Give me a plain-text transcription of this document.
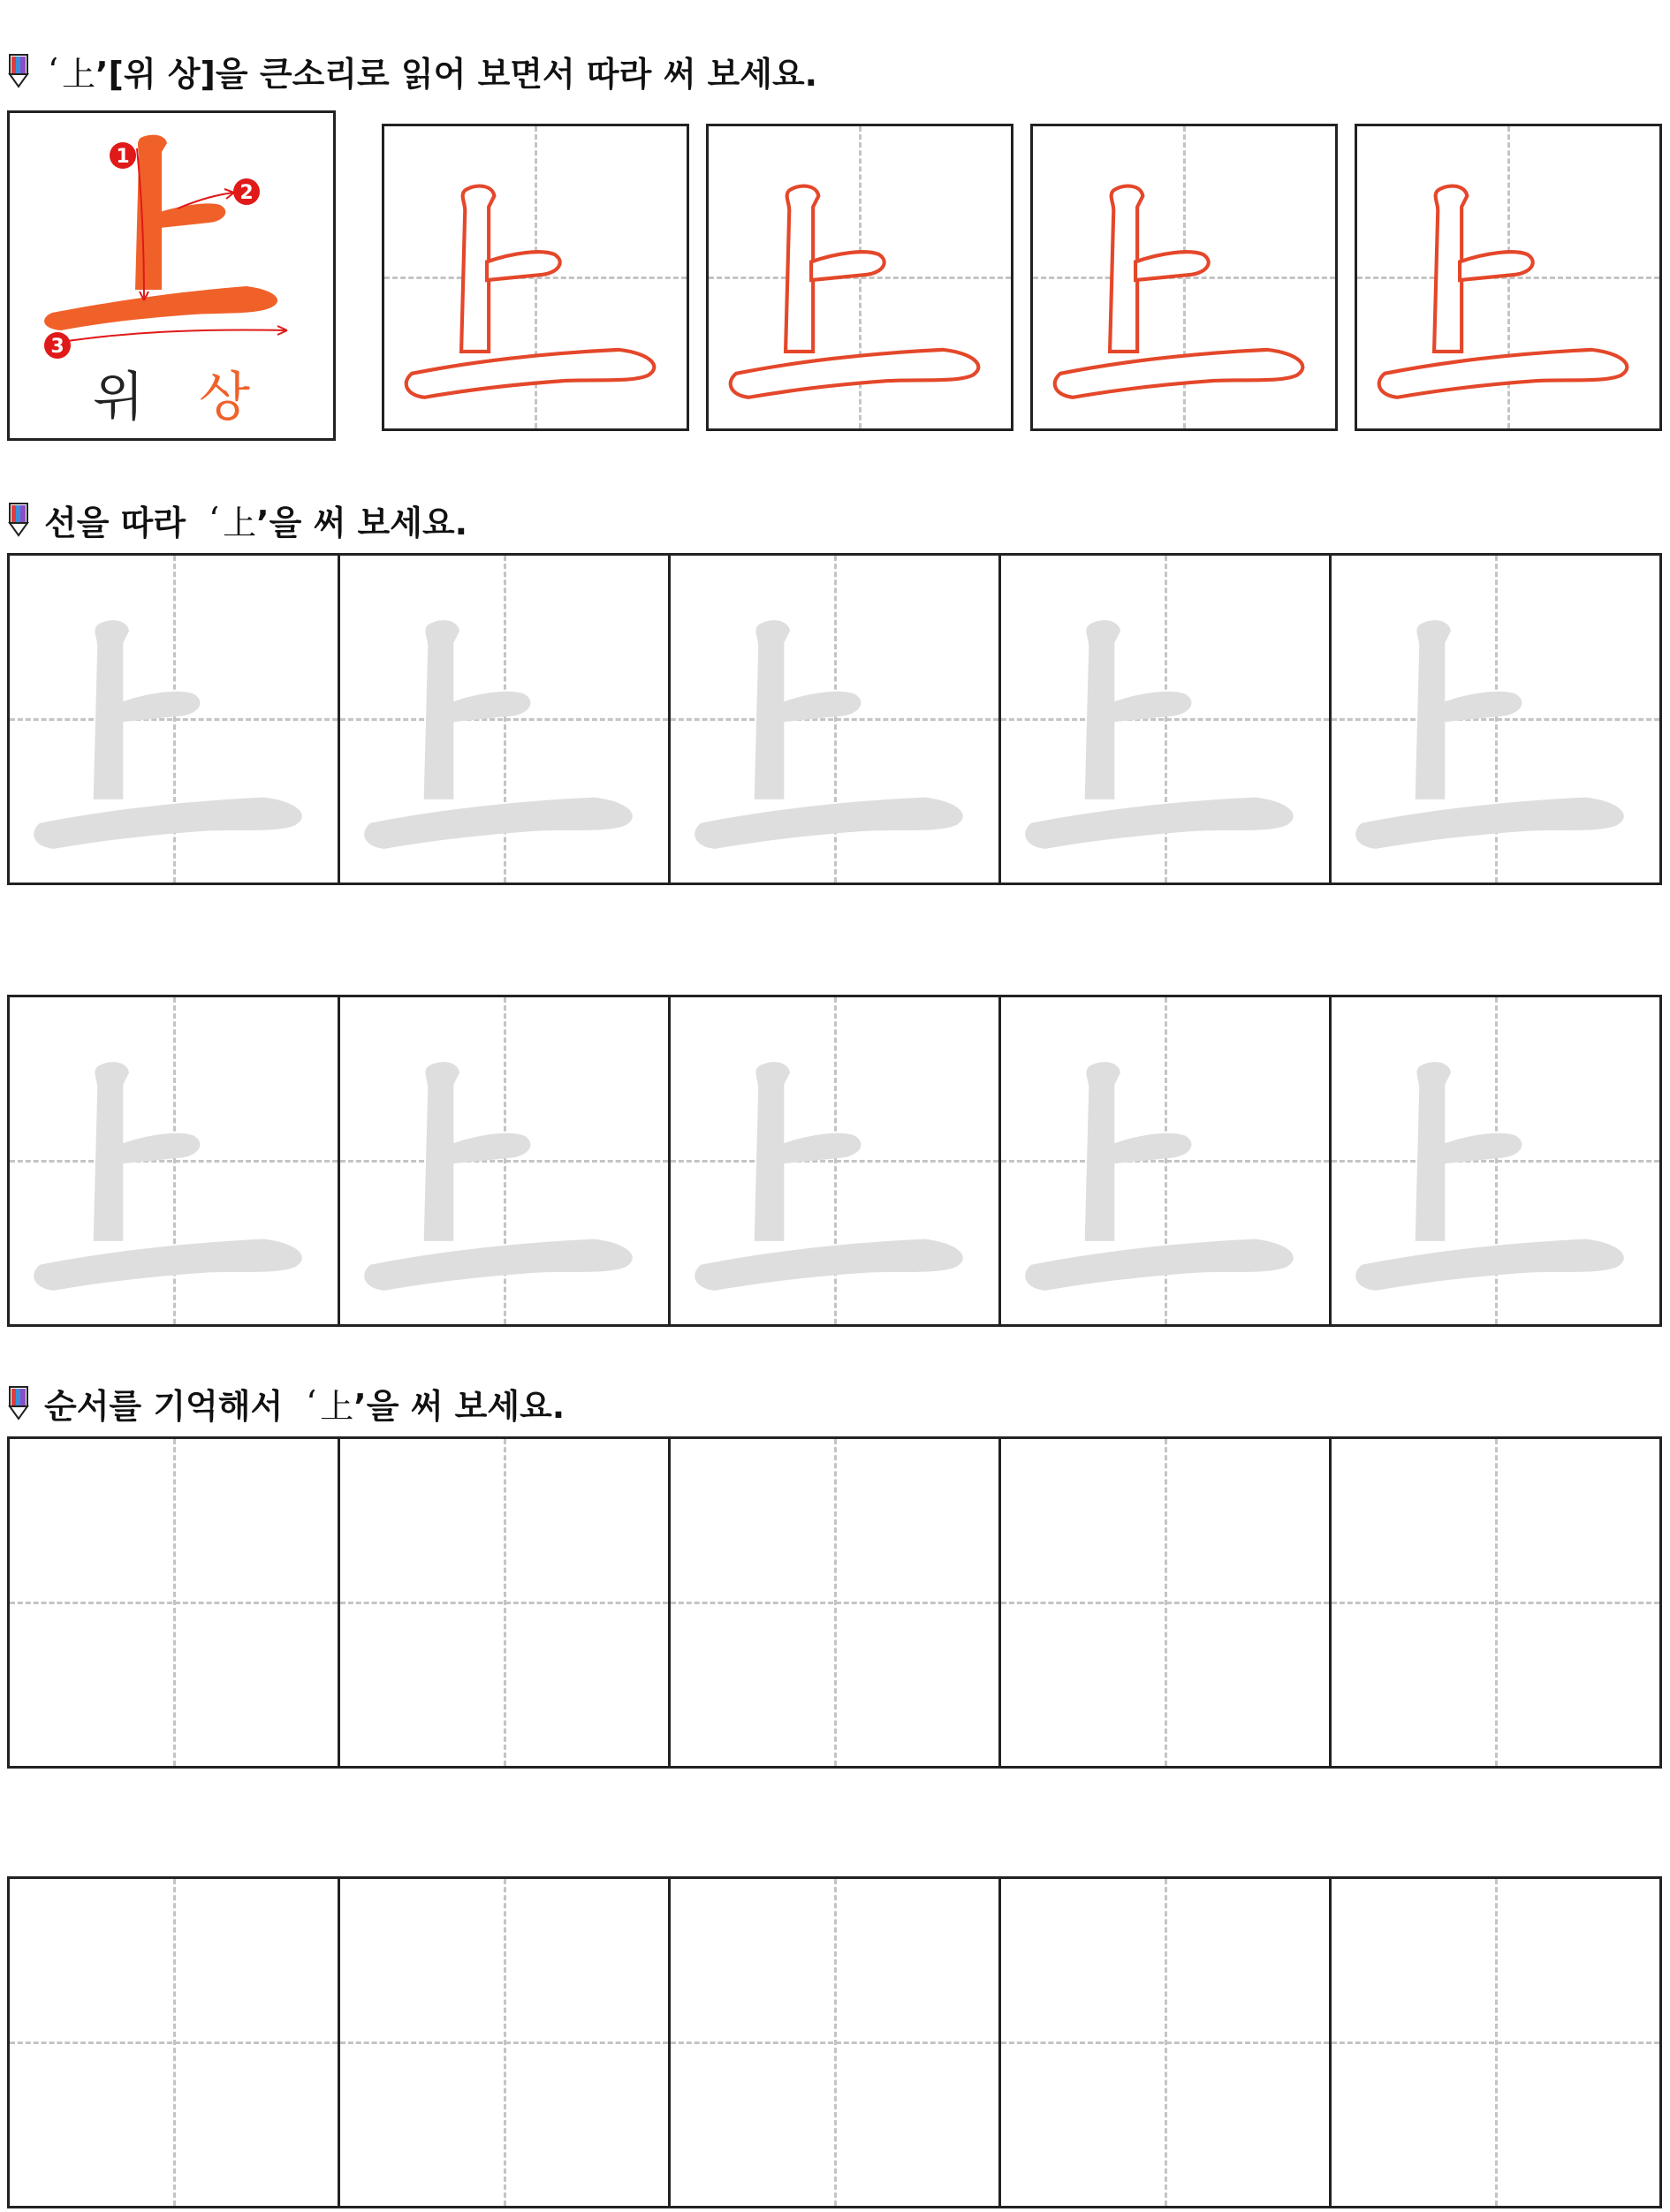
‘ 上 ’[위 상]을 큰소리로 읽어 보면서 따라 써 보세요.
1
2
3
위 상
선을 따라 ‘ 上 ’을 써 보세요.
순서를 기억해서 ‘ 上 ’을 써 보세요.
